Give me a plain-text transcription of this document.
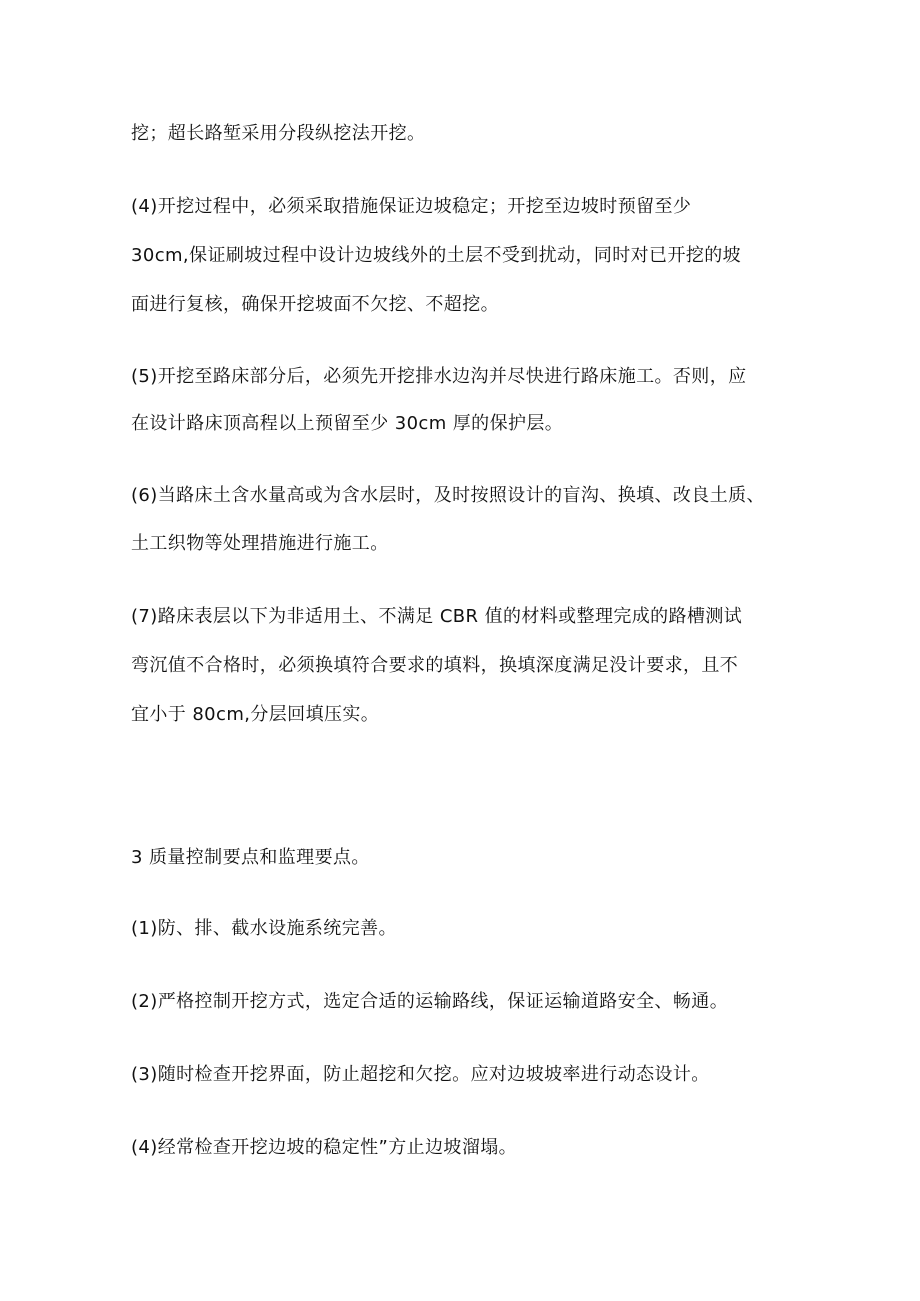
挖；超长路堑采用分段纵挖法开挖。
(4)开挖过程中，必须采取措施保证边坡稳定；开挖至边坡时预留至少
30cm,保证刷坡过程中设计边坡线外的土层不受到扰动，同时对已开挖的坡
面进行复核，确保开挖坡面不欠挖、不超挖。
(5)开挖至路床部分后，必须先开挖排水边沟并尽快进行路床施工。否则，应
在设计路床顶高程以上预留至少 30cm 厚的保护层。
(6)当路床土含水量高或为含水层时，及时按照设计的盲沟、换填、改良土质、
土工织物等处理措施进行施工。
(7)路床表层以下为非适用土、不满足 CBR 值的材料或整理完成的路槽测试
弯沉值不合格时，必须换填符合要求的填料，换填深度满足没计要求，且不
宜小于 80cm,分层回填压实。
3 质量控制要点和监理要点。
(1)防、排、截水设施系统完善。
(2)严格控制开挖方式，选定合适的运输路线，保证运输道路安全、畅通。
(3)随时检查开挖界面，防止超挖和欠挖。应对边坡坡率进行动态设计。
(4)经常检查开挖边坡的稳定性”方止边坡溜塌。
